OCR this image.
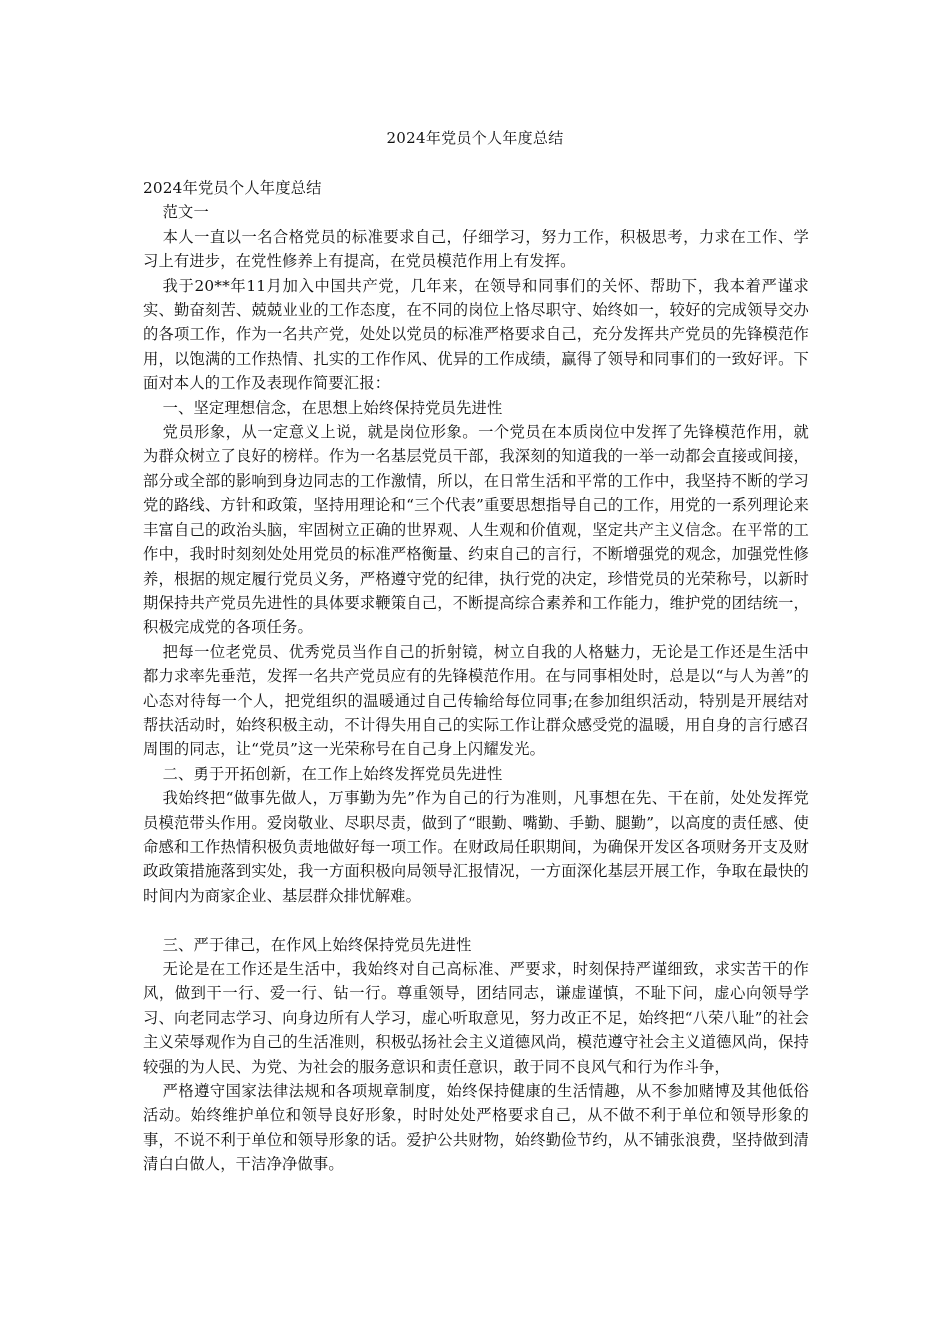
2024年党员个人年度总结

2024年党员个人年度总结

范文一

本人一直以一名合格党员的标准要求自己，仔细学习，努力工作，积极思考，力求在工作、学习上有进步，在党性修养上有提高，在党员模范作用上有发挥。

我于20**年11月加入中国共产党，几年来，在领导和同事们的关怀、帮助下，我本着严谨求实、勤奋刻苦、兢兢业业的工作态度，在不同的岗位上恪尽职守、始终如一，较好的完成领导交办的各项工作，作为一名共产党，处处以党员的标准严格要求自己，充分发挥共产党员的先锋模范作用，以饱满的工作热情、扎实的工作作风、优异的工作成绩，赢得了领导和同事们的一致好评。下面对本人的工作及表现作简要汇报：

一、坚定理想信念，在思想上始终保持党员先进性

党员形象，从一定意义上说，就是岗位形象。一个党员在本质岗位中发挥了先锋模范作用，就为群众树立了良好的榜样。作为一名基层党员干部，我深刻的知道我的一举一动都会直接或间接，部分或全部的影响到身边同志的工作激情，所以，在日常生活和平常的工作中，我坚持不断的学习党的路线、方针和政策，坚持用理论和“三个代表”重要思想指导自己的工作，用党的一系列理论来丰富自己的政治头脑，牢固树立正确的世界观、人生观和价值观，坚定共产主义信念。在平常的工作中，我时时刻刻处处用党员的标准严格衡量、约束自己的言行，不断增强党的观念，加强党性修养，根据的规定履行党员义务，严格遵守党的纪律，执行党的决定，珍惜党员的光荣称号，以新时期保持共产党员先进性的具体要求鞭策自己，不断提高综合素养和工作能力，维护党的团结统一，积极完成党的各项任务。

把每一位老党员、优秀党员当作自己的折射镜，树立自我的人格魅力，无论是工作还是生活中都力求率先垂范，发挥一名共产党员应有的先锋模范作用。在与同事相处时，总是以“与人为善”的心态对待每一个人，把党组织的温暖通过自己传输给每位同事;在参加组织活动，特别是开展结对帮扶活动时，始终积极主动，不计得失用自己的实际工作让群众感受党的温暖，用自身的言行感召周围的同志，让“党员”这一光荣称号在自己身上闪耀发光。

二、勇于开拓创新，在工作上始终发挥党员先进性

我始终把“做事先做人，万事勤为先”作为自己的行为准则，凡事想在先、干在前，处处发挥党员模范带头作用。爱岗敬业、尽职尽责，做到了“眼勤、嘴勤、手勤、腿勤”，以高度的责任感、使命感和工作热情积极负责地做好每一项工作。在财政局任职期间，为确保开发区各项财务开支及财政政策措施落到实处，我一方面积极向局领导汇报情况，一方面深化基层开展工作，争取在最快的时间内为商家企业、基层群众排忧解难。

三、严于律己，在作风上始终保持党员先进性

无论是在工作还是生活中，我始终对自己高标准、严要求，时刻保持严谨细致，求实苦干的作风，做到干一行、爱一行、钻一行。尊重领导，团结同志，谦虚谨慎，不耻下问，虚心向领导学习、向老同志学习、向身边所有人学习，虚心听取意见，努力改正不足，始终把“八荣八耻”的社会主义荣辱观作为自己的生活准则，积极弘扬社会主义道德风尚，模范遵守社会主义道德风尚，保持较强的为人民、为党、为社会的服务意识和责任意识，敢于同不良风气和行为作斗争，

严格遵守国家法律法规和各项规章制度，始终保持健康的生活情趣，从不参加赌博及其他低俗活动。始终维护单位和领导良好形象，时时处处严格要求自己，从不做不利于单位和领导形象的事，不说不利于单位和领导形象的话。爱护公共财物，始终勤俭节约，从不铺张浪费，坚持做到清清白白做人，干洁净净做事。
